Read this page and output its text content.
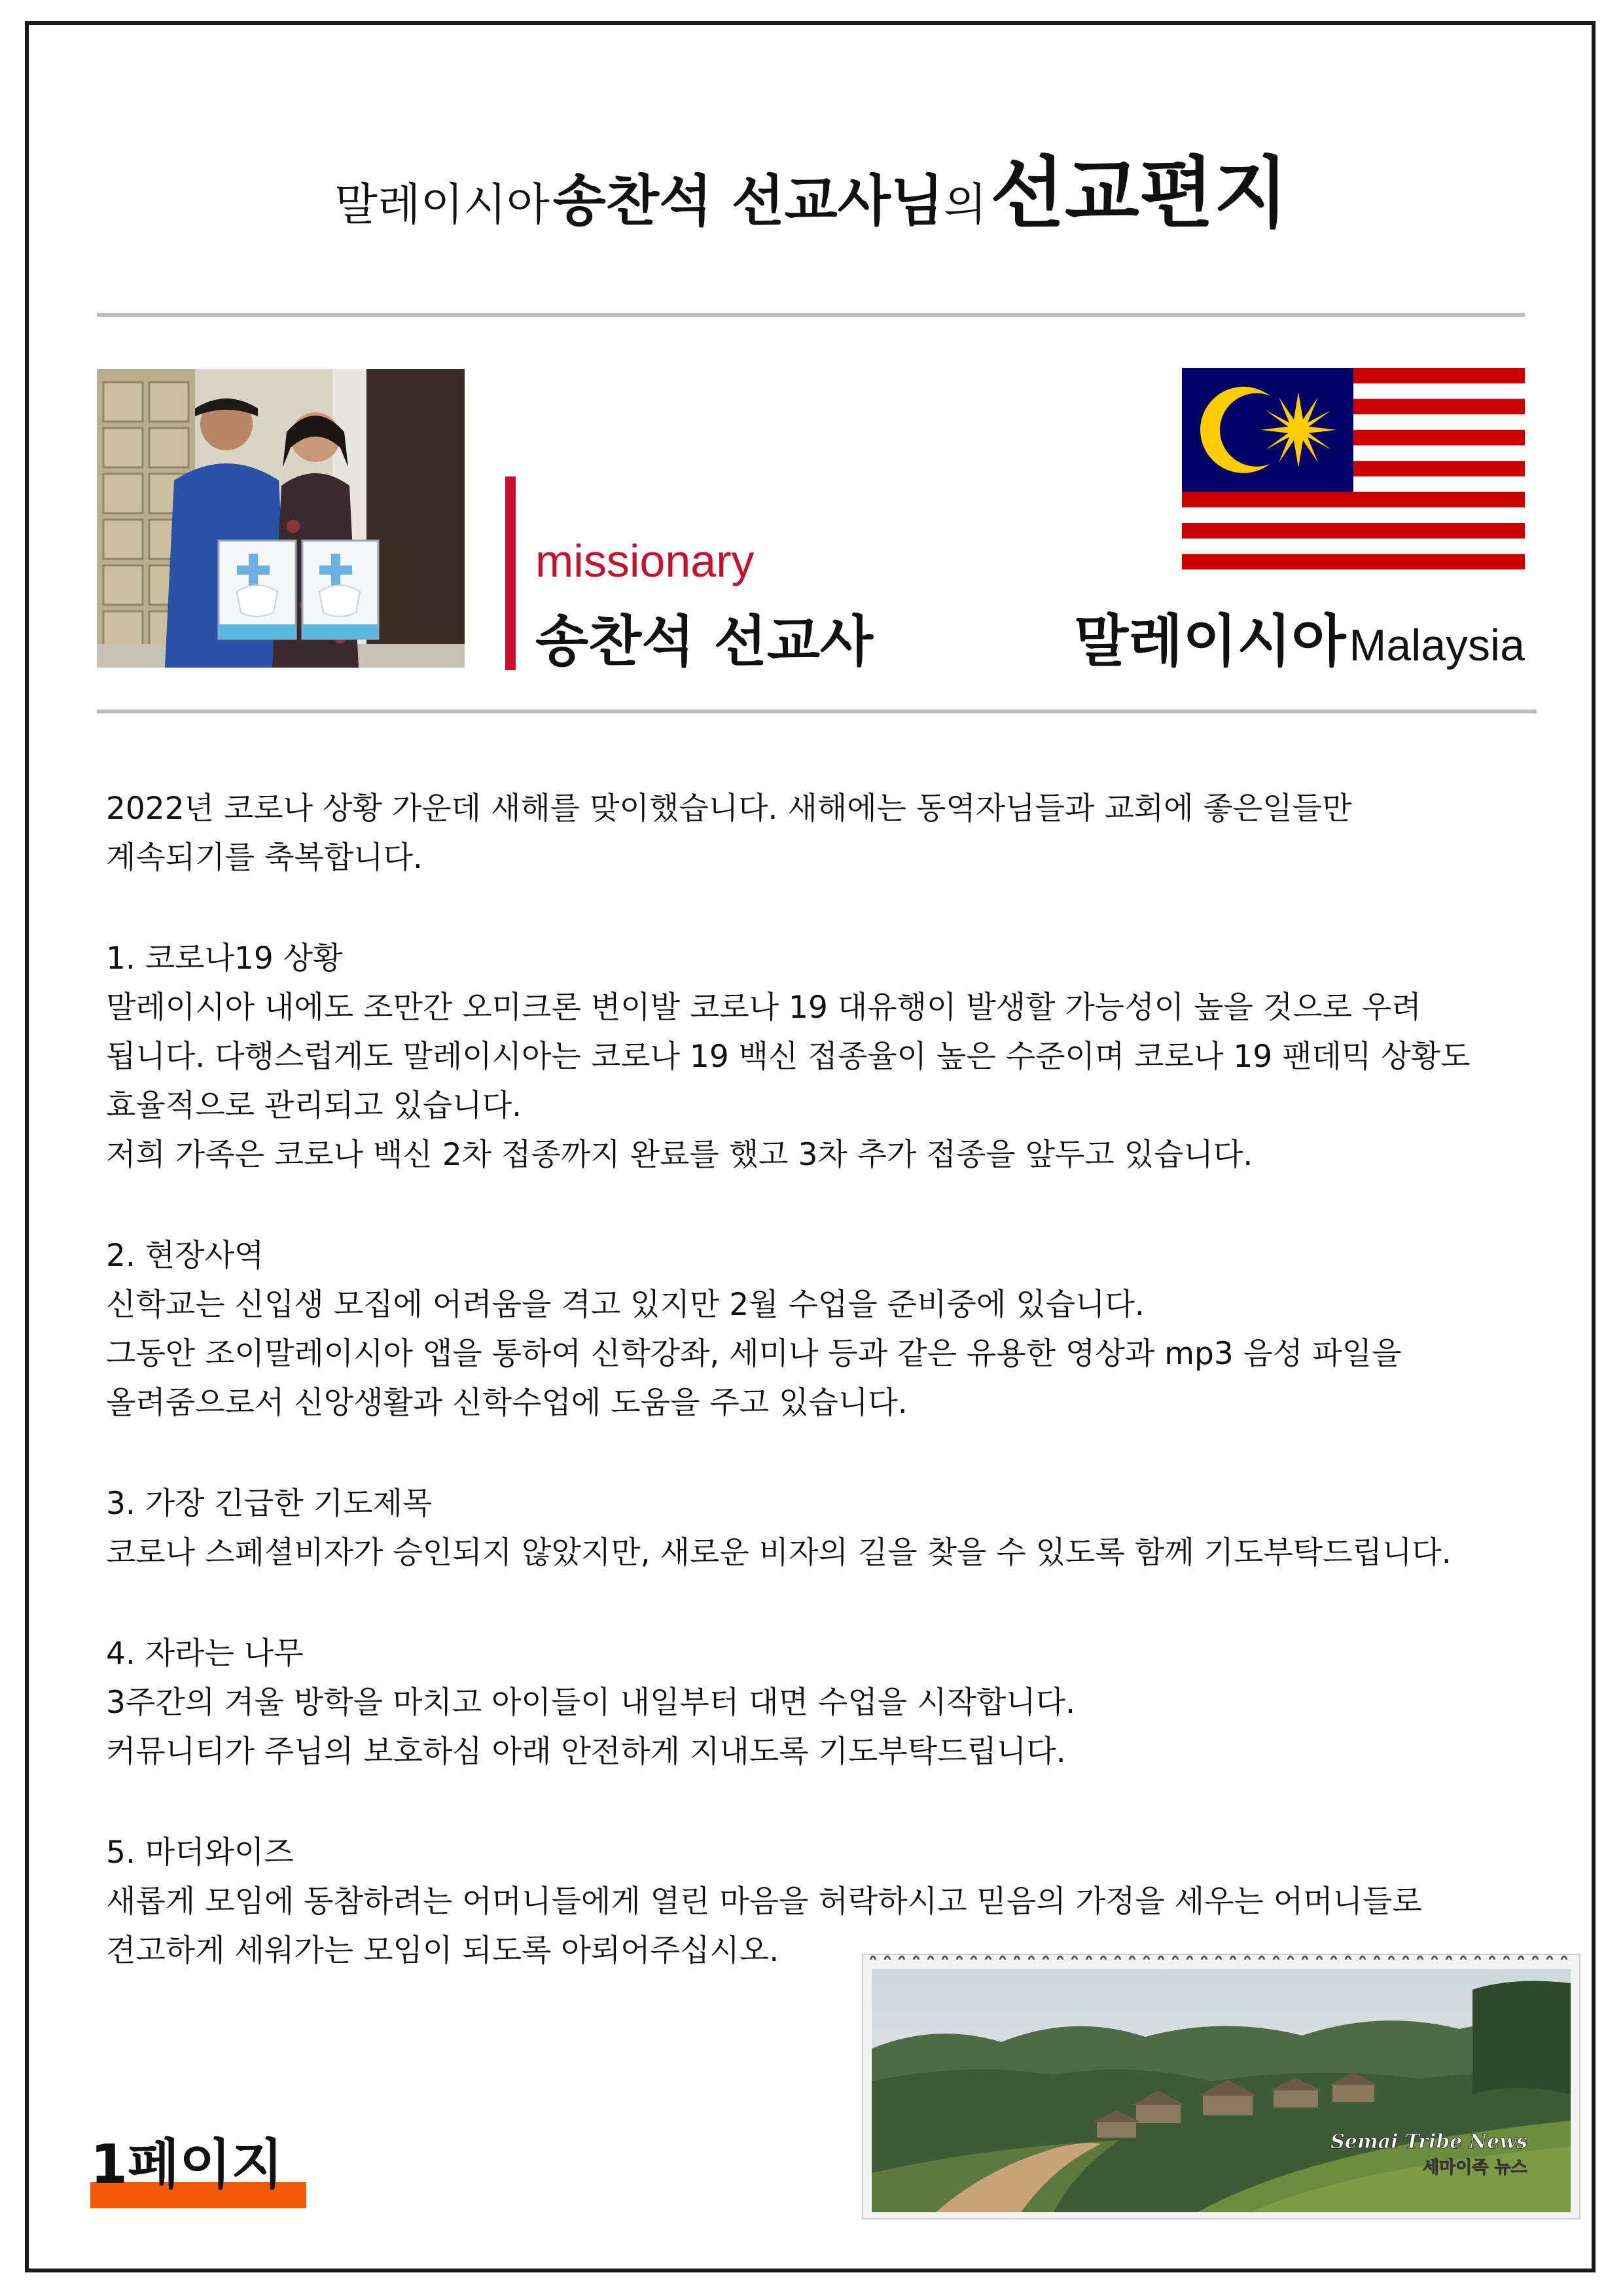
말레이시아 송찬석 선교사님의 선교편지
missionary
송찬석 선교사	말레이시아 Malaysia
2022년 코로나 상황 가운데 새해를 맞이했습니다. 새해에는 동역자님들과 교회에 좋은일들만
계속되기를 축복합니다.
1. 코로나19 상황
말레이시아 내에도 조만간 오미크론 변이발 코로나 19 대유행이 발생할 가능성이 높을 것으로 우려
됩니다. 다행스럽게도 말레이시아는 코로나 19 백신 접종율이 높은 수준이며 코로나 19 팬데믹 상황도
효율적으로 관리되고 있습니다.
저희 가족은 코로나 백신 2차 접종까지 완료를 했고 3차 추가 접종을 앞두고 있습니다.
2. 현장사역
신학교는 신입생 모집에 어려움을 격고 있지만 2월 수업을 준비중에 있습니다.
그동안 조이말레이시아 앱을 통하여 신학강좌, 세미나 등과 같은 유용한 영상과 mp3 음성 파일을
올려줌으로서 신앙생활과 신학수업에 도움을 주고 있습니다.
3. 가장 긴급한 기도제목
코로나 스페셜비자가 승인되지 않았지만, 새로운 비자의 길을 찾을 수 있도록 함께 기도부탁드립니다.
4. 자라는 나무
3주간의 겨울 방학을 마치고 아이들이 내일부터 대면 수업을 시작합니다.
커뮤니티가 주님의 보호하심 아래 안전하게 지내도록 기도부탁드립니다.
5. 마더와이즈
새롭게 모임에 동참하려는 어머니들에게 열린 마음을 허락하시고 믿음의 가정을 세우는 어머니들로
견고하게 세워가는 모임이 되도록 아뢰어주십시오.
Semai Tribe News
세마이족 뉴스
1페이지
